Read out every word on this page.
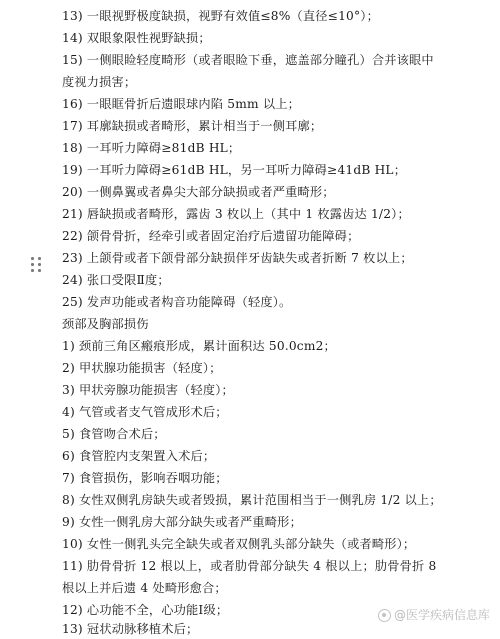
13) 一眼视野极度缺损，视野有效值≤8%（直径≤10°）；
14) 双眼象限性视野缺损；
15) 一侧眼睑轻度畸形（或者眼睑下垂，遮盖部分瞳孔）合并该眼中
度视力损害；
16) 一眼眶骨折后遗眼球内陷 5mm 以上；
17) 耳廓缺损或者畸形，累计相当于一侧耳廓；
18) 一耳听力障碍≥81dB HL；
19) 一耳听力障碍≥61dB HL，另一耳听力障碍≥41dB HL；
20) 一侧鼻翼或者鼻尖大部分缺损或者严重畸形；
21) 唇缺损或者畸形，露齿 3 枚以上（其中 1 枚露齿达 1/2）；
22) 颌骨骨折，经牵引或者固定治疗后遗留功能障碍；
23) 上颌骨或者下颌骨部分缺损伴牙齿缺失或者折断 7 枚以上；
24) 张口受限Ⅱ度；
25) 发声功能或者构音功能障碍（轻度）。
颈部及胸部损伤
1) 颈前三角区瘢痕形成，累计面积达 50.0cm2；
2) 甲状腺功能损害（轻度）；
3) 甲状旁腺功能损害（轻度）；
4) 气管或者支气管成形术后；
5) 食管吻合术后；
6) 食管腔内支架置入术后；
7) 食管损伤，影响吞咽功能；
8) 女性双侧乳房缺失或者毁损，累计范围相当于一侧乳房 1/2 以上；
9) 女性一侧乳房大部分缺失或者严重畸形；
10) 女性一侧乳头完全缺失或者双侧乳头部分缺失（或者畸形）；
11) 肋骨骨折 12 根以上，或者肋骨部分缺失 4 根以上；肋骨骨折 8
根以上并后遗 4 处畸形愈合；
12) 心功能不全，心功能Ⅰ级；
13) 冠状动脉移植术后；
@医学疾病信息库
